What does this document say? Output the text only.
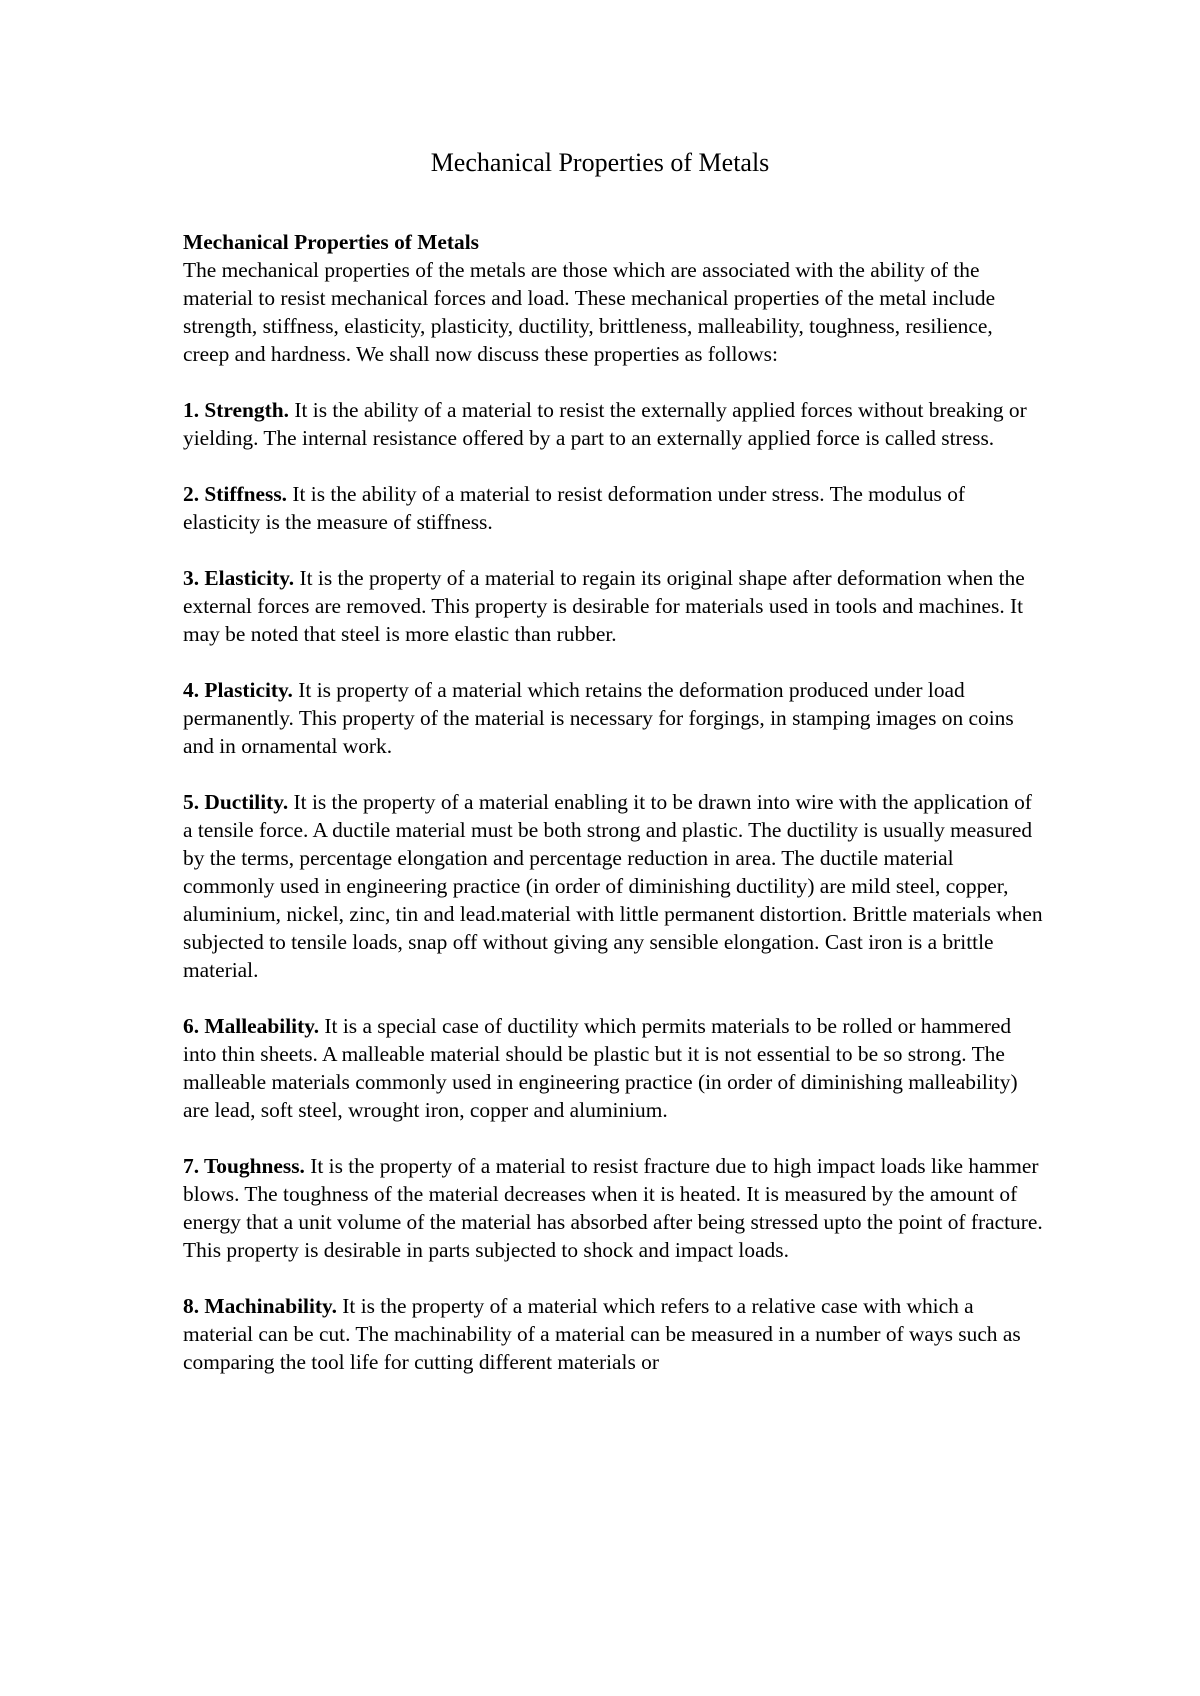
Mechanical Properties of Metals

Mechanical Properties of Metals

The mechanical properties of the metals are those which are associated with the ability of the material to resist mechanical forces and load. These mechanical properties of the metal include strength, stiffness, elasticity, plasticity, ductility, brittleness, malleability, toughness, resilience, creep and hardness. We shall now discuss these properties as follows:

1. Strength. It is the ability of a material to resist the externally applied forces without breaking or yielding. The internal resistance offered by a part to an externally applied force is called stress.

2. Stiffness. It is the ability of a material to resist deformation under stress. The modulus of elasticity is the measure of stiffness.

3. Elasticity. It is the property of a material to regain its original shape after deformation when the external forces are removed. This property is desirable for materials used in tools and machines. It may be noted that steel is more elastic than rubber.

4. Plasticity. It is property of a material which retains the deformation produced under load permanently. This property of the material is necessary for forgings, in stamping images on coins and in ornamental work.

5. Ductility. It is the property of a material enabling it to be drawn into wire with the application of a tensile force. A ductile material must be both strong and plastic. The ductility is usually measured by the terms, percentage elongation and percentage reduction in area. The ductile material commonly used in engineering practice (in order of diminishing ductility) are mild steel, copper, aluminium, nickel, zinc, tin and lead.material with little permanent distortion. Brittle materials when subjected to tensile loads, snap off without giving any sensible elongation. Cast iron is a brittle material.

6. Malleability. It is a special case of ductility which permits materials to be rolled or hammered into thin sheets. A malleable material should be plastic but it is not essential to be so strong. The malleable materials commonly used in engineering practice (in order of diminishing malleability) are lead, soft steel, wrought iron, copper and aluminium.

7. Toughness. It is the property of a material to resist fracture due to high impact loads like hammer blows. The toughness of the material decreases when it is heated. It is measured by the amount of energy that a unit volume of the material has absorbed after being stressed upto the point of fracture. This property is desirable in parts subjected to shock and impact loads.

8. Machinability. It is the property of a material which refers to a relative case with which a material can be cut. The machinability of a material can be measured in a number of ways such as comparing the tool life for cutting different materials or
